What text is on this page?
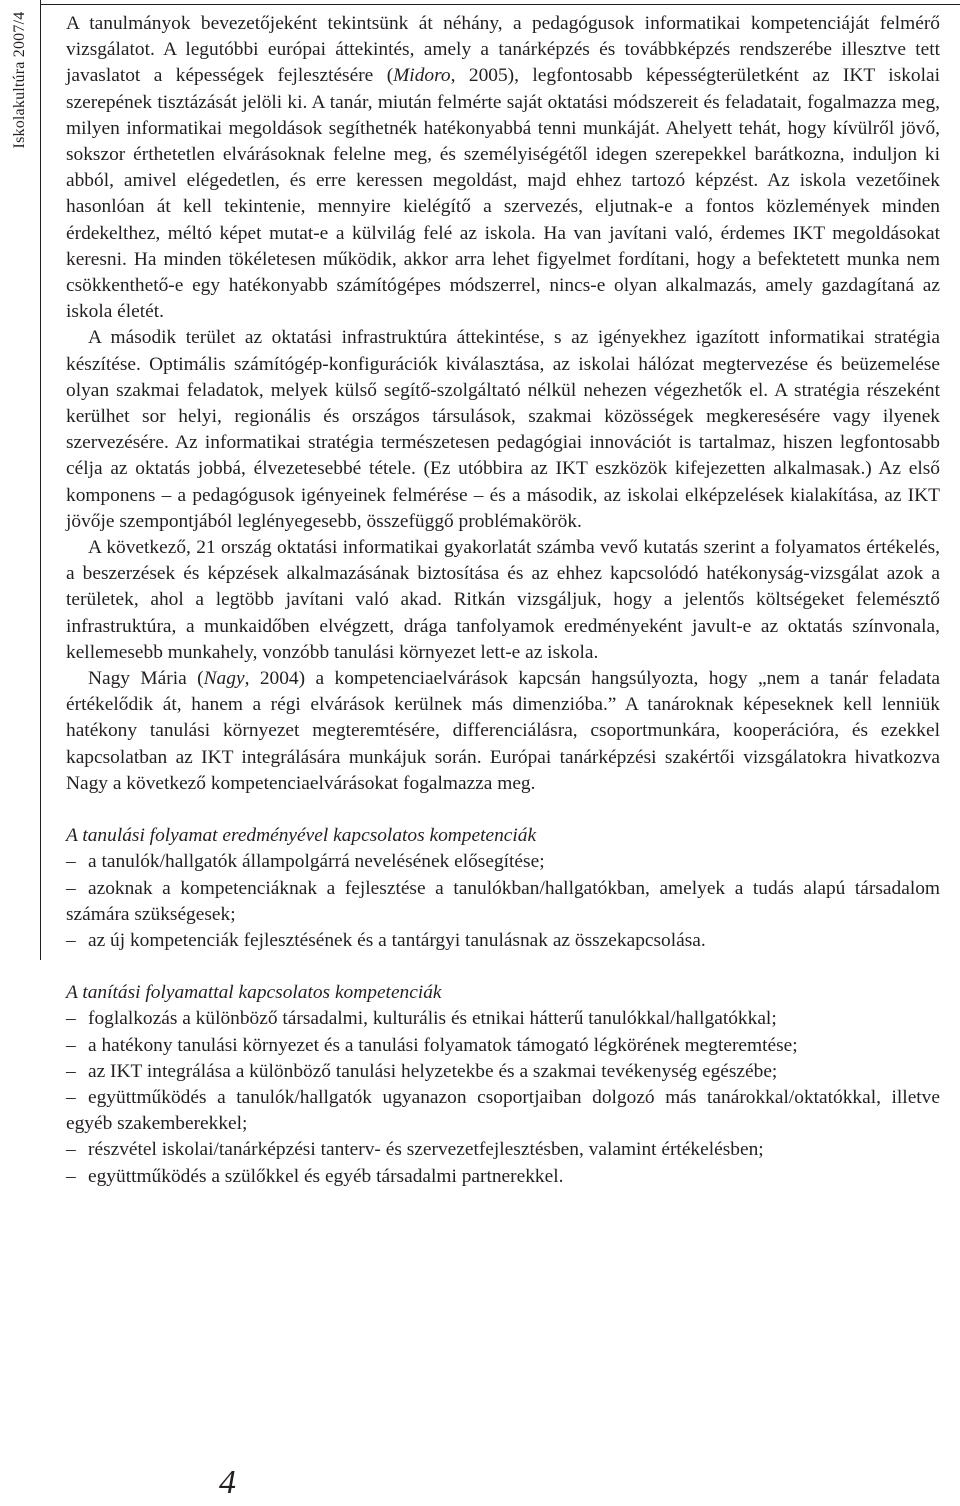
Iskolakultúra 2007/4 A tanulmányok bevezetőjeként tekintsünk át néhány, a pedagógusok informatikai kompetenciáját felmérő vizsgálatot. A legutóbbi európai áttekintés, amely a tanárképzés és továbbképzés rendszerébe illesztve tett javaslatot a képességek fejlesztésére (Midoro, 2005), legfontosabb képességterületként az IKT iskolai szerepének tisztázását jelöli ki. A tanár, miután felmérte saját oktatási módszereit és feladatait, fogalmazza meg, milyen informatikai megoldások segíthetnék hatékonyabbá tenni munkáját. Ahelyett tehát, hogy kívülről jövő, sokszor érthetetlen elvárásoknak felelne meg, és személyiségétől idegen szerepekkel barátkozna, induljon ki abból, amivel elégedetlen, és erre keressen megoldást, majd ehhez tartozó képzést. Az iskola vezetőinek hasonlóan át kell tekintenie, mennyire kielégítő a szervezés, eljutnak-e a fontos közlemények minden érdekelthez, méltó képet mutat-e a külvilág felé az iskola. Ha van javítani való, érdemes IKT megoldásokat keresni. Ha minden tökéletesen működik, akkor arra lehet figyelmet fordítani, hogy a befektetett munka nem csökkenthető-e egy hatékonyabb számítógépes módszerrel, nincs-e olyan alkalmazás, amely gazdagítaná az iskola életét.

A második terület az oktatási infrastruktúra áttekintése, s az igényekhez igazított informatikai stratégia készítése. Optimális számítógép-konfigurációk kiválasztása, az iskolai hálózat megtervezése és beüzemelése olyan szakmai feladatok, melyek külső segítő-szolgáltató nélkül nehezen végezhetők el. A stratégia részeként kerülhet sor helyi, regionális és országos társulások, szakmai közösségek megkeresésére vagy ilyenek szervezésére. Az informatikai stratégia természetesen pedagógiai innovációt is tartalmaz, hiszen legfontosabb célja az oktatás jobbá, élvezetesebbé tétele. (Ez utóbbira az IKT eszközök kifejezetten alkalmasak.) Az első komponens – a pedagógusok igényeinek felmérése – és a második, az iskolai elképzelések kialakítása, az IKT jövője szempontjából leglényegesebb, összefüggő problémakörök.

A következő, 21 ország oktatási informatikai gyakorlatát számba vevő kutatás szerint a folyamatos értékelés, a beszerzések és képzések alkalmazásának biztosítása és az ehhez kapcsolódó hatékonyság-vizsgálat azok a területek, ahol a legtöbb javítani való akad. Ritkán vizsgáljuk, hogy a jelentős költségeket felemésztő infrastruktúra, a munkaidőben elvégzett, drága tanfolyamok eredményeként javult-e az oktatás színvonala, kellemesebb munkahely, vonzóbb tanulási környezet lett-e az iskola.

Nagy Mária (Nagy, 2004) a kompetenciaelvárások kapcsán hangsúlyozta, hogy „nem a tanár feladata értékelődik át, hanem a régi elvárások kerülnek más dimenzióba.” A tanároknak képeseknek kell lenniük hatékony tanulási környezet megteremtésére, differenciálásra, csoportmunkára, kooperációra, és ezekkel kapcsolatban az IKT integrálására munkájuk során. Európai tanárképzési szakértői vizsgálatokra hivatkozva Nagy a következő kompetenciaelvárásokat fogalmazza meg.

A tanulási folyamat eredményével kapcsolatos kompetenciák

– a tanulók/hallgatók állampolgárrá nevelésének elősegítése;
– azoknak a kompetenciáknak a fejlesztése a tanulókban/hallgatókban, amelyek a tudás alapú társadalom számára szükségesek;
– az új kompetenciák fejlesztésének és a tantárgyi tanulásnak az összekapcsolása.

A tanítási folyamattal kapcsolatos kompetenciák

– foglalkozás a különböző társadalmi, kulturális és etnikai hátterű tanulókkal/hallgatókkal;
– a hatékony tanulási környezet és a tanulási folyamatok támogató légkörének megteremtése;
– az IKT integrálása a különböző tanulási helyzetekbe és a szakmai tevékenység egészébe;
– együttműködés a tanulók/hallgatók ugyanazon csoportjaiban dolgozó más tanárokkal/oktatókkal, illetve egyéb szakemberekkel;
– részvétel iskolai/tanárképzési tanterv- és szervezetfejlesztésben, valamint értékelésben;
– együttműködés a szülőkkel és egyéb társadalmi partnerekkel.
4
